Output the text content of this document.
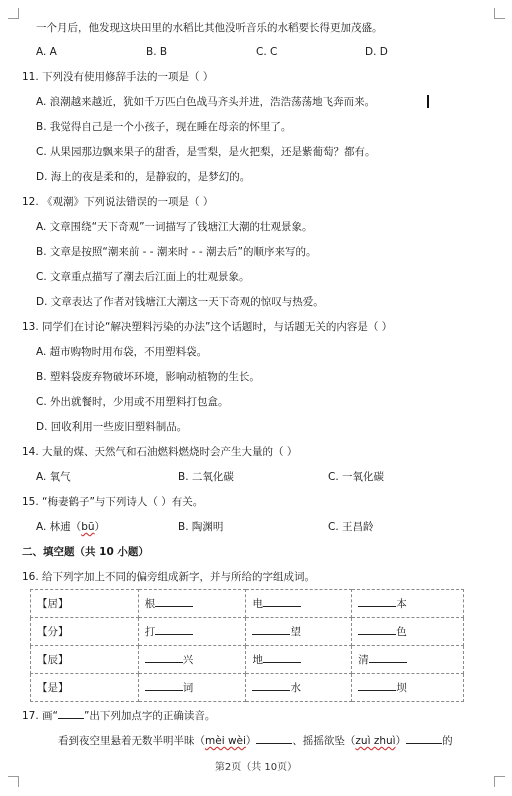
一个月后，他发现这块田里的水稻比其他没听音乐的水稻要长得更加茂盛。
A. A	B. B	C. C	D. D
11. 下列没有使用修辞手法的一项是（ ）
A. 浪潮越来越近，犹如千万匹白色战马齐头并进，浩浩荡荡地飞奔而来。
B. 我觉得自己是一个小孩子，现在睡在母亲的怀里了。
C. 从果园那边飘来果子的甜香，是雪梨，是火把梨，还是紫葡萄？都有。
D. 海上的夜是柔和的，是静寂的，是梦幻的。
12. 《观潮》下列说法错误的一项是（ ）
A. 文章围绕“天下奇观”一词描写了钱塘江大潮的壮观景象。
B. 文章是按照“潮来前 - - 潮来时 - - 潮去后”的顺序来写的。
C. 文章重点描写了潮去后江面上的壮观景象。
D. 文章表达了作者对钱塘江大潮这一天下奇观的惊叹与热爱。
13. 同学们在讨论“解决塑料污染的办法”这个话题时，与话题无关的内容是（ ）
A. 超市购物时用布袋，不用塑料袋。
B. 塑料袋废弃物破坏环境，影响动植物的生长。
C. 外出就餐时，少用或不用塑料打包盒。
D. 回收利用一些废旧塑料制品。
14. 大量的煤、天然气和石油燃料燃烧时会产生大量的（ ）
A. 氧气	B. 二氧化碳	C. 一氧化碳
15. “梅妻鹤子”与下列诗人（ ）有关。
A. 林逋（bū）	B. 陶渊明	C. 王昌龄
二、填空题（共 10 小题）
16. 给下列字加上不同的偏旁组成新字，并与所给的字组成词。
【居】	根	电	本
【分】	打	望	色
【辰】	兴	地	清
【是】	词	水	坝
17. 画“ ”出下列加点字的正确读音。
看到夜空里悬着无数半明半昧（mèi wèi）	、摇摇欲坠（zuì zhuì）	的
第2页（共 10页）
